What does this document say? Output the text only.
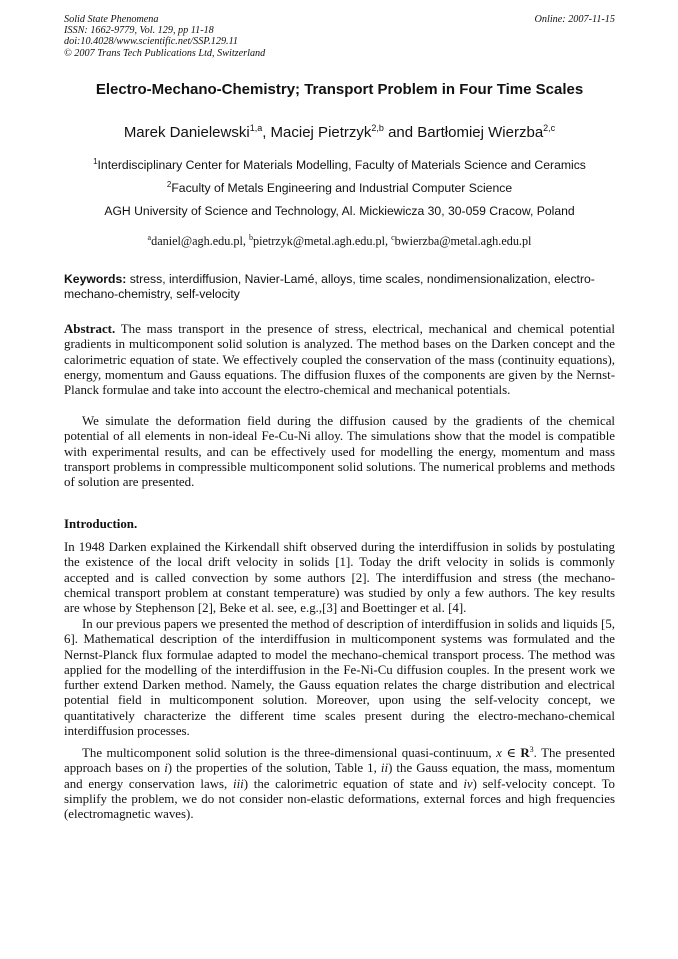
Solid State Phenomena
ISSN: 1662-9779, Vol. 129, pp 11-18
doi:10.4028/www.scientific.net/SSP.129.11
© 2007 Trans Tech Publications Ltd, Switzerland
Online: 2007-11-15
Electro-Mechano-Chemistry; Transport Problem in Four Time Scales
Marek Danielewski$^{1,a}$, Maciej Pietrzyk$^{2,b}$ and Bartłomiej Wierzba$^{2,c}$
$^1$Interdisciplinary Center for Materials Modelling, Faculty of Materials Science and Ceramics
$^2$Faculty of Metals Engineering and Industrial Computer Science
AGH University of Science and Technology, Al. Mickiewicza 30, 30-059 Cracow, Poland
$^a$daniel@agh.edu.pl, $^b$pietrzyk@metal.agh.edu.pl, $^c$bwierzba@metal.agh.edu.pl
Keywords: stress, interdiffusion, Navier-Lamé, alloys, time scales, nondimensionalization, electro-mechano-chemistry, self-velocity
Abstract. The mass transport in the presence of stress, electrical, mechanical and chemical potential gradients in multicomponent solid solution is analyzed. The method bases on the Darken concept and the calorimetric equation of state. We effectively coupled the conservation of the mass (continuity equations), energy, momentum and Gauss equations. The diffusion fluxes of the components are given by the Nernst-Planck formulae and take into account the electro-chemical and mechanical potentials.
We simulate the deformation field during the diffusion caused by the gradients of the chemical potential of all elements in non-ideal Fe-Cu-Ni alloy. The simulations show that the model is compatible with experimental results, and can be effectively used for modelling the energy, momentum and mass transport problems in compressible multicomponent solid solutions. The numerical problems and methods of solution are presented.
Introduction.
In 1948 Darken explained the Kirkendall shift observed during the interdiffusion in solids by postulating the existence of the local drift velocity in solids [1]. Today the drift velocity in solids is commonly accepted and is called convection by some authors [2]. The interdiffusion and stress (the mechano-chemical transport problem at constant temperature) was studied by only a few authors. The key results are whose by Stephenson [2], Beke et al. see, e.g.,[3] and Boettinger et al. [4].
In our previous papers we presented the method of description of interdiffusion in solids and liquids [5, 6]. Mathematical description of the interdiffusion in multicomponent systems was formulated and the Nernst-Planck flux formulae adapted to model the mechano-chemical transport process. The method was applied for the modelling of the interdiffusion in the Fe-Ni-Cu diffusion couples. In the present work we further extend Darken method. Namely, the Gauss equation relates the charge distribution and electrical potential field in multicomponent solution. Moreover, upon using the self-velocity concept, we quantitatively characterize the different time scales present during the electro-mechano-chemical interdiffusion processes.
The multicomponent solid solution is the three-dimensional quasi-continuum, x ∈ $R^3$. The presented approach bases on i) the properties of the solution, Table 1, ii) the Gauss equation, the mass, momentum and energy conservation laws, iii) the calorimetric equation of state and iv) self-velocity concept. To simplify the problem, we do not consider non-elastic deformations, external forces and high frequencies (electromagnetic waves).
